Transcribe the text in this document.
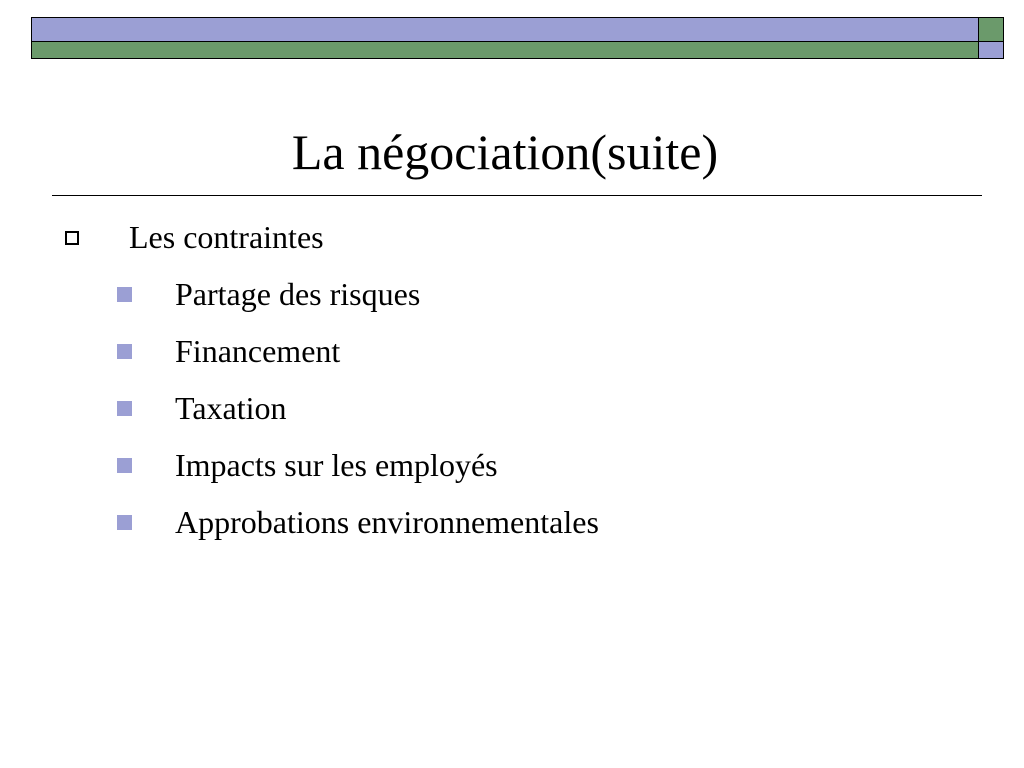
La négociation(suite)
Les contraintes
Partage des risques
Financement
Taxation
Impacts sur les employés
Approbations environnementales
